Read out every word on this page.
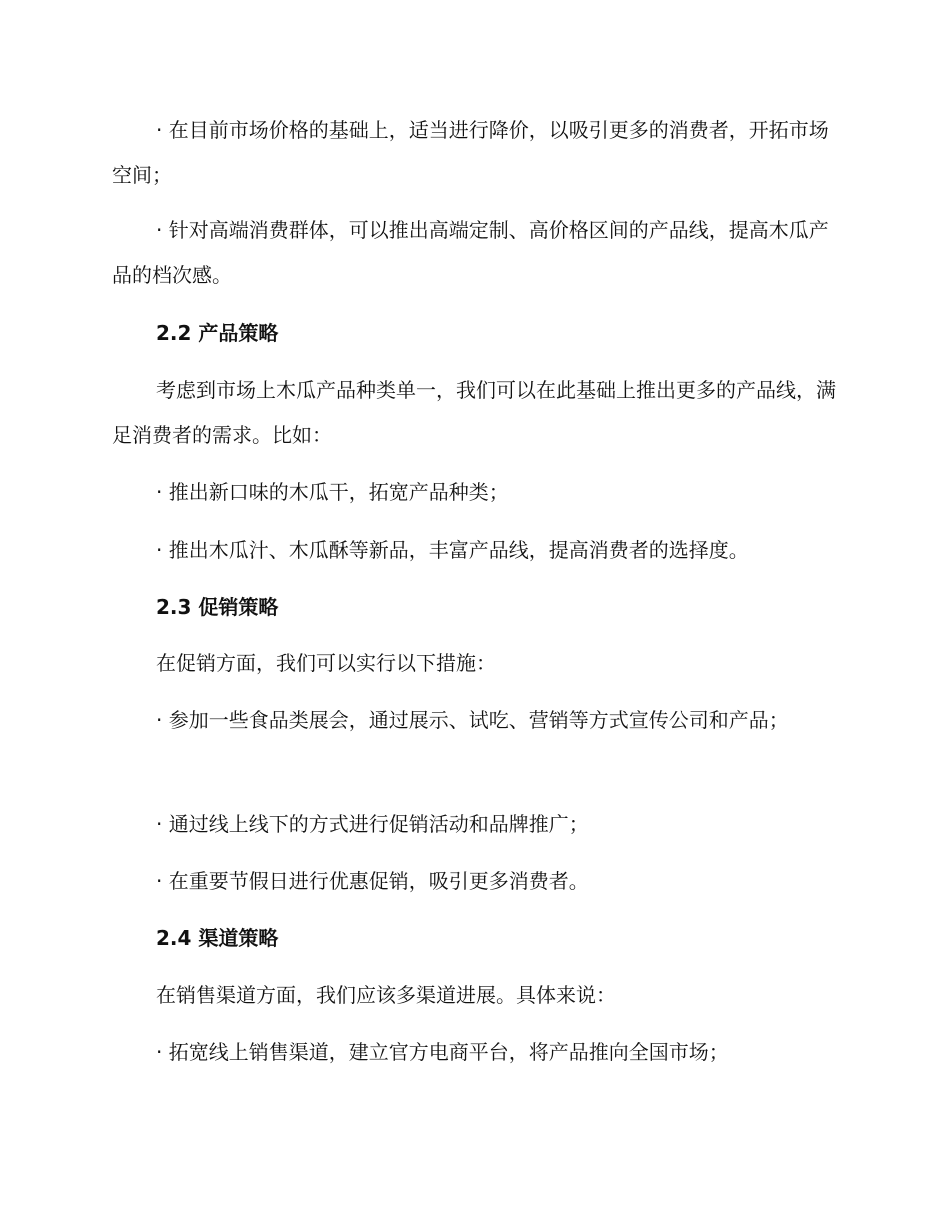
· 在目前市场价格的基础上，适当进行降价，以吸引更多的消费者，开拓市场空间；

· 针对高端消费群体，可以推出高端定制、高价格区间的产品线，提高木瓜产品的档次感。

2.2 产品策略

考虑到市场上木瓜产品种类单一，我们可以在此基础上推出更多的产品线，满足消费者的需求。比如：

· 推出新口味的木瓜干，拓宽产品种类；

· 推出木瓜汁、木瓜酥等新品，丰富产品线，提高消费者的选择度。

2.3 促销策略

在促销方面，我们可以实行以下措施：

· 参加一些食品类展会，通过展示、试吃、营销等方式宣传公司和产品；

· 通过线上线下的方式进行促销活动和品牌推广；

· 在重要节假日进行优惠促销，吸引更多消费者。

2.4 渠道策略

在销售渠道方面，我们应该多渠道进展。具体来说：

· 拓宽线上销售渠道，建立官方电商平台，将产品推向全国市场；
